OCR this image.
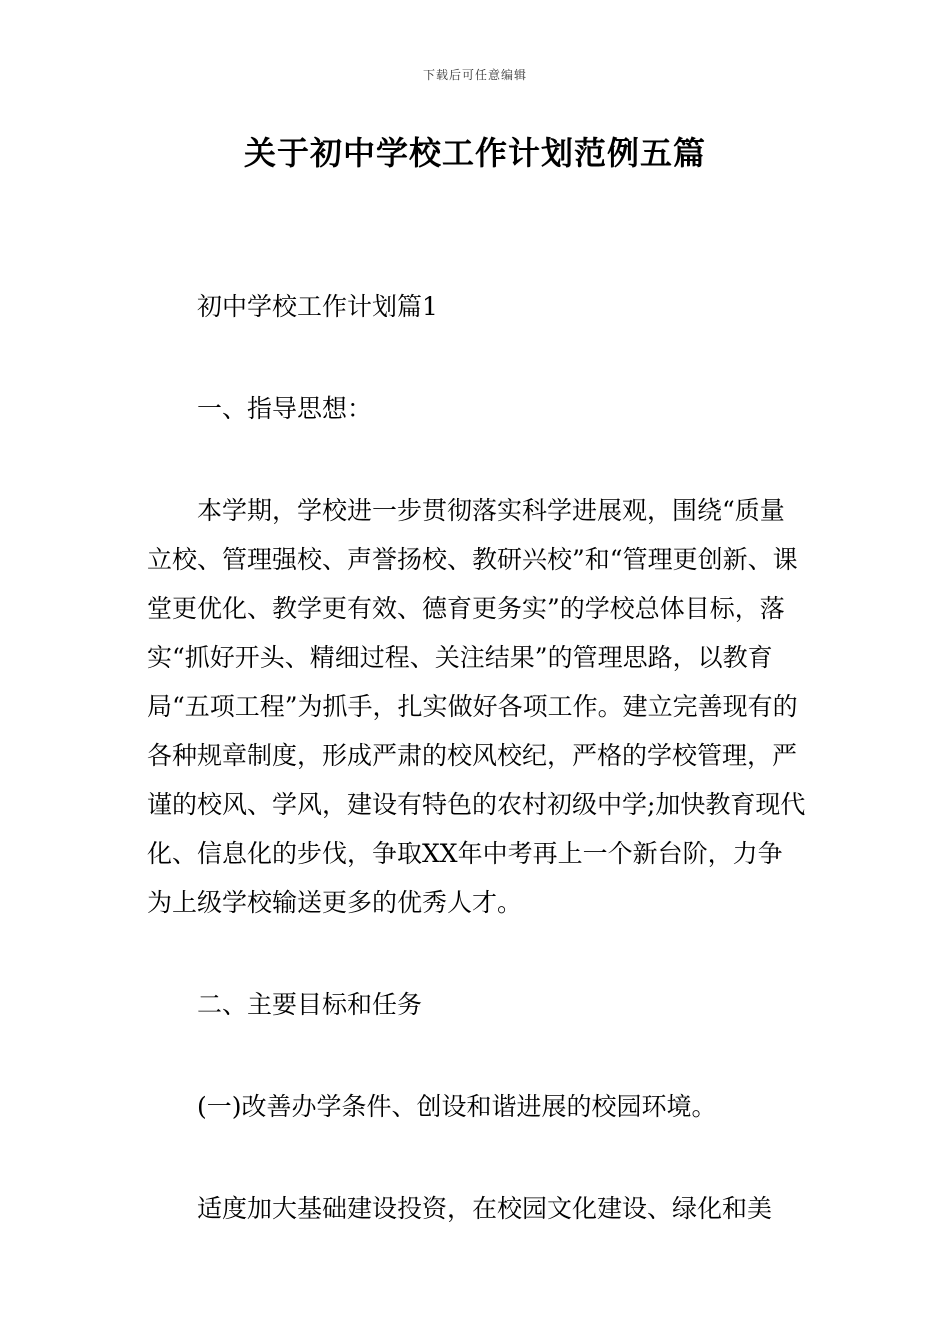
下载后可任意编辑
关于初中学校工作计划范例五篇

初中学校工作计划篇1

一、指导思想：

本学期，学校进一步贯彻落实科学进展观，围绕“质量立校、管理强校、声誉扬校、教研兴校”和“管理更创新、课堂更优化、教学更有效、德育更务实”的学校总体目标，落实“抓好开头、精细过程、关注结果”的管理思路，以教育局“五项工程”为抓手，扎实做好各项工作。建立完善现有的各种规章制度，形成严肃的校风校纪，严格的学校管理，严谨的校风、学风，建设有特色的农村初级中学;加快教育现代化、信息化的步伐，争取XX年中考再上一个新台阶，力争为上级学校输送更多的优秀人才。

二、主要目标和任务

(一)改善办学条件、创设和谐进展的校园环境。

适度加大基础建设投资，在校园文化建设、绿化和美
